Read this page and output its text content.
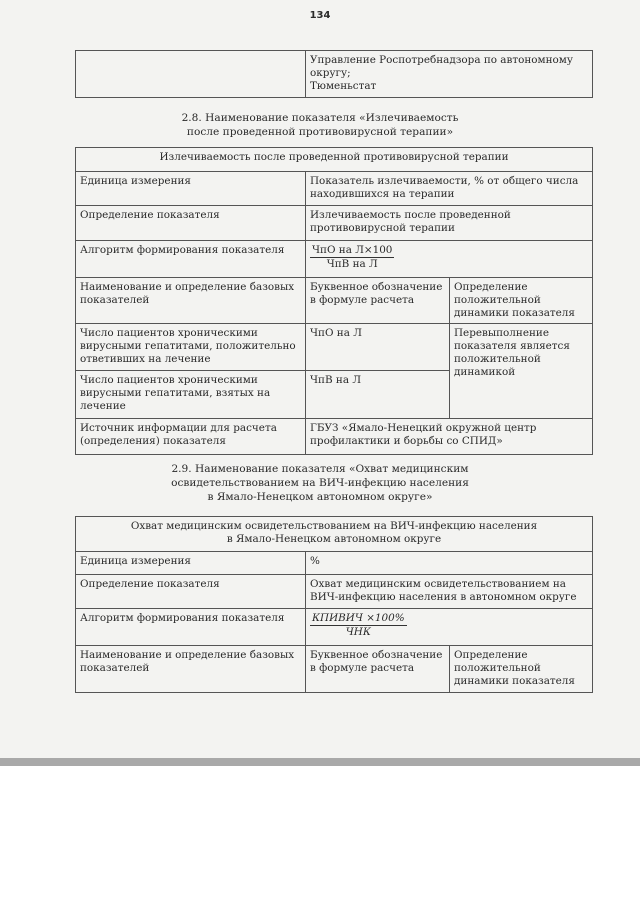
134
	Управление Роспотребнадзора по автономному
округу;
Тюменьстат
2.8. Наименование показателя «Излечиваемость
после проведенной противовирусной терапии»
Излечиваемость после проведенной противовирусной терапии		
Единица измерения	Показатель излечиваемости, % от общего числа находившихся на терапии	
Определение показателя	Излечиваемость после проведенной противовирусной терапии	
Алгоритм формирования показателя	$\frac{\text{ЧпО на Л×100}}{\text{ЧпВ на Л}}$

Наименование и определение базовых показателей	Буквенное обозначение в формуле расчета	Определение положительной динамики показателя
Число пациентов хроническими вирусными гепатитами, положительно ответивших на лечение	ЧпО на Л	Перевыполнение показателя является положительной динамикой
Число пациентов хроническими вирусными гепатитами, взятых на лечение	ЧпВ на Л	
Источник информации для расчета (определения) показателя	ГБУЗ «Ямало-Ненецкий окружной центр профилактики и борьбы со СПИД»	
2.9. Наименование показателя «Охват медицинским
освидетельствованием на ВИЧ-инфекцию населения
в Ямало-Ненецком автономном округе»
Охват медицинским освидетельствованием на ВИЧ-инфекцию населения
в Ямало-Ненецком автономном округе		
Единица измерения	%	
Определение показателя	Охват медицинским освидетельствованием на ВИЧ-инфекцию населения в автономном округе	
Алгоритм формирования показателя	$\frac{\text{КПИВИЧ ×100\%}}{\text{ЧНК}}$

Наименование и определение базовых показателей	Буквенное обозначение в формуле расчета	Определение положительной динамики показателя
